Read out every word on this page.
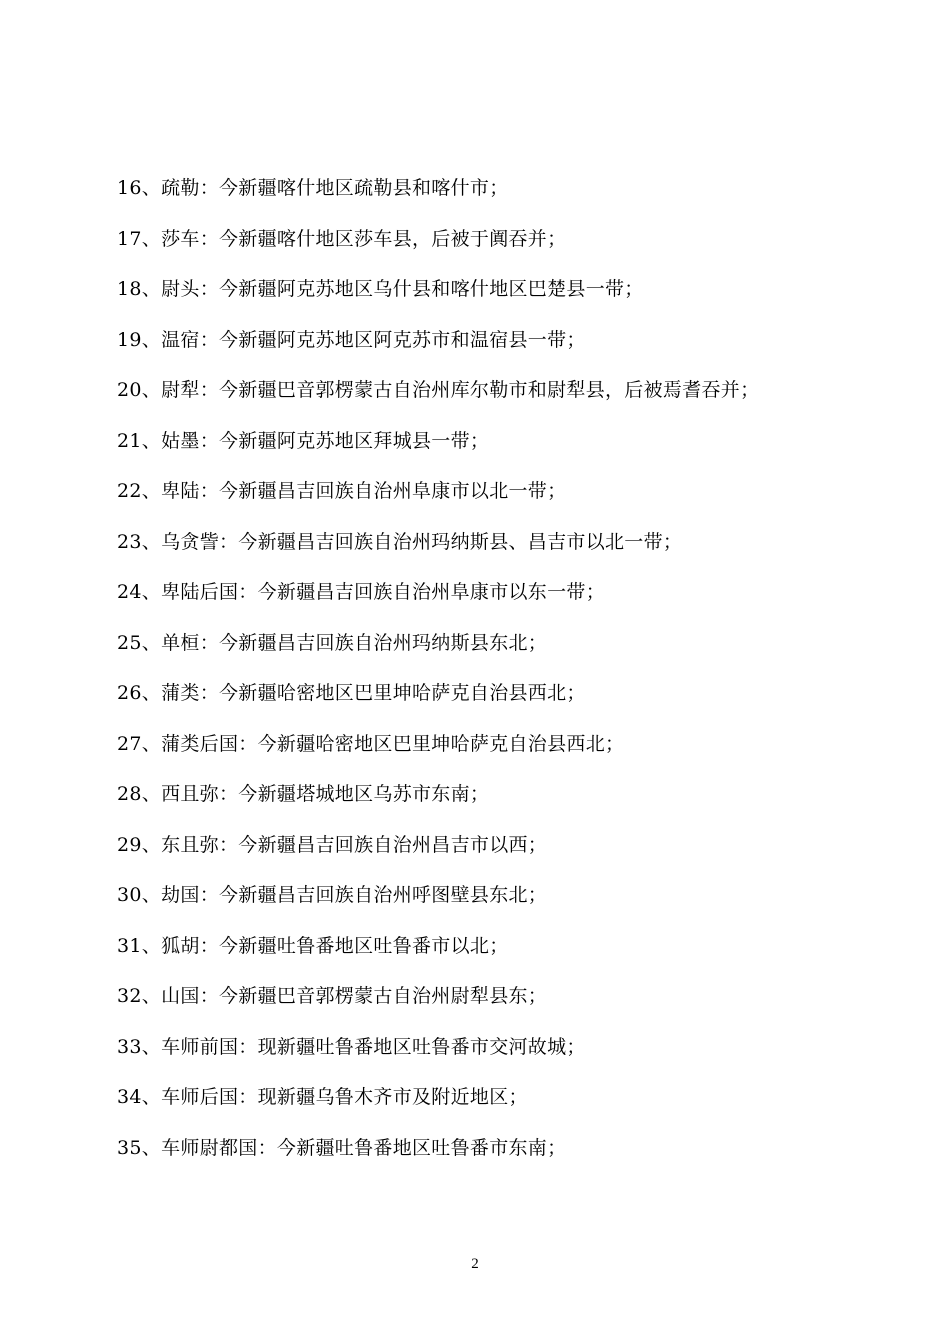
16、疏勒：今新疆喀什地区疏勒县和喀什市；
17、莎车：今新疆喀什地区莎车县，后被于阗吞并；
18、尉头：今新疆阿克苏地区乌什县和喀什地区巴楚县一带；
19、温宿：今新疆阿克苏地区阿克苏市和温宿县一带；
20、尉犁：今新疆巴音郭楞蒙古自治州库尔勒市和尉犁县，后被焉耆吞并；
21、姑墨：今新疆阿克苏地区拜城县一带；
22、卑陆：今新疆昌吉回族自治州阜康市以北一带；
23、乌贪訾：今新疆昌吉回族自治州玛纳斯县、昌吉市以北一带；
24、卑陆后国：今新疆昌吉回族自治州阜康市以东一带；
25、单桓：今新疆昌吉回族自治州玛纳斯县东北；
26、蒲类：今新疆哈密地区巴里坤哈萨克自治县西北；
27、蒲类后国：今新疆哈密地区巴里坤哈萨克自治县西北；
28、西且弥：今新疆塔城地区乌苏市东南；
29、东且弥：今新疆昌吉回族自治州昌吉市以西；
30、劫国：今新疆昌吉回族自治州呼图壁县东北；
31、狐胡：今新疆吐鲁番地区吐鲁番市以北；
32、山国：今新疆巴音郭楞蒙古自治州尉犁县东；
33、车师前国：现新疆吐鲁番地区吐鲁番市交河故城；
34、车师后国：现新疆乌鲁木齐市及附近地区；
35、车师尉都国：今新疆吐鲁番地区吐鲁番市东南；
2
